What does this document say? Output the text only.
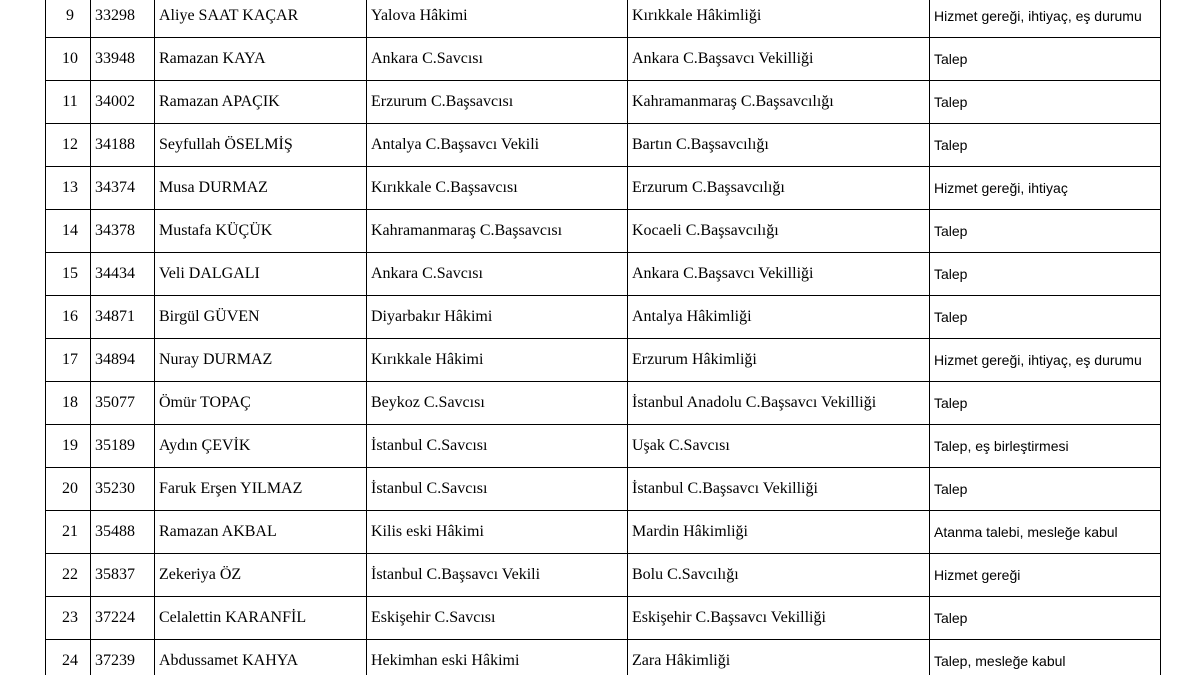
9	33298	Aliye SAAT KAÇAR	Yalova Hâkimi	Kırıkkale Hâkimliği	Hizmet gereği, ihtiyaç, eş durumu
10	33948	Ramazan KAYA	Ankara C.Savcısı	Ankara C.Başsavcı Vekilliği	Talep
11	34002	Ramazan APAÇIK	Erzurum C.Başsavcısı	Kahramanmaraş C.Başsavcılığı	Talep
12	34188	Seyfullah ÖSELMİŞ	Antalya C.Başsavcı Vekili	Bartın C.Başsavcılığı	Talep
13	34374	Musa DURMAZ	Kırıkkale C.Başsavcısı	Erzurum C.Başsavcılığı	Hizmet gereği, ihtiyaç
14	34378	Mustafa KÜÇÜK	Kahramanmaraş C.Başsavcısı	Kocaeli C.Başsavcılığı	Talep
15	34434	Veli DALGALI	Ankara C.Savcısı	Ankara C.Başsavcı Vekilliği	Talep
16	34871	Birgül GÜVEN	Diyarbakır Hâkimi	Antalya Hâkimliği	Talep
17	34894	Nuray DURMAZ	Kırıkkale Hâkimi	Erzurum Hâkimliği	Hizmet gereği, ihtiyaç, eş durumu
18	35077	Ömür TOPAÇ	Beykoz C.Savcısı	İstanbul Anadolu C.Başsavcı Vekilliği	Talep
19	35189	Aydın ÇEVİK	İstanbul C.Savcısı	Uşak C.Savcısı	Talep, eş birleştirmesi
20	35230	Faruk Erşen YILMAZ	İstanbul C.Savcısı	İstanbul C.Başsavcı Vekilliği	Talep
21	35488	Ramazan AKBAL	Kilis eski Hâkimi	Mardin Hâkimliği	Atanma talebi, mesleğe kabul
22	35837	Zekeriya ÖZ	İstanbul C.Başsavcı Vekili	Bolu C.Savcılığı	Hizmet gereği
23	37224	Celalettin KARANFİL	Eskişehir C.Savcısı	Eskişehir C.Başsavcı Vekilliği	Talep
24	37239	Abdussamet KAHYA	Hekimhan eski Hâkimi	Zara Hâkimliği	Talep, mesleğe kabul
